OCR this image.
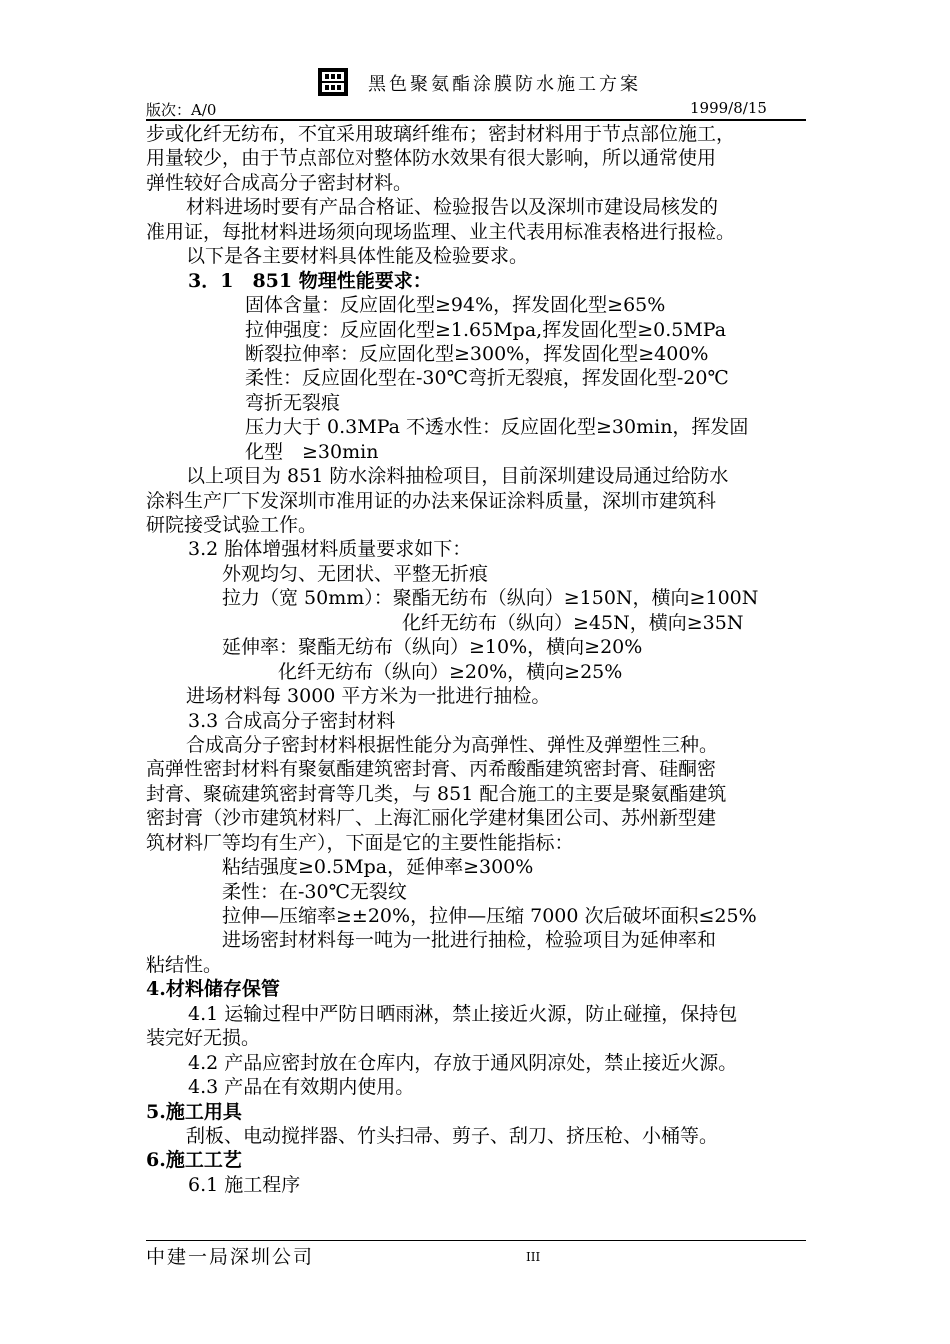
黑色聚氨酯涂膜防水施工方案
版次：A/0	1999/8/15
步或化纤无纺布，不宜采用玻璃纤维布；密封材料用于节点部位施工，
用量较少，由于节点部位对整体防水效果有很大影响，所以通常使用
弹性较好合成高分子密封材料。
材料进场时要有产品合格证、检验报告以及深圳市建设局核发的
准用证，每批材料进场须向现场监理、业主代表用标准表格进行报检。
以下是各主要材料具体性能及检验要求。
3．1　851 物理性能要求：
固体含量：反应固化型≥94%，挥发固化型≥65%
拉伸强度：反应固化型≥1.65Mpa,挥发固化型≥0.5MPa
断裂拉伸率：反应固化型≥300%，挥发固化型≥400%
柔性：反应固化型在-30℃弯折无裂痕，挥发固化型-20℃
弯折无裂痕
压力大于 0.3MPa 不透水性：反应固化型≥30min，挥发固
化型　≥30min
以上项目为 851 防水涂料抽检项目，目前深圳建设局通过给防水
涂料生产厂下发深圳市准用证的办法来保证涂料质量，深圳市建筑科
研院接受试验工作。
3.2 胎体增强材料质量要求如下：
外观均匀、无团状、平整无折痕
拉力（宽 50mm）：聚酯无纺布（纵向）≥150N，横向≥100N
化纤无纺布（纵向）≥45N，横向≥35N
延伸率：聚酯无纺布（纵向）≥10%，横向≥20%
化纤无纺布（纵向）≥20%，横向≥25%
进场材料每 3000 平方米为一批进行抽检。
3.3 合成高分子密封材料
合成高分子密封材料根据性能分为高弹性、弹性及弹塑性三种。
高弹性密封材料有聚氨酯建筑密封膏、丙希酸酯建筑密封膏、硅酮密
封膏、聚硫建筑密封膏等几类，与 851 配合施工的主要是聚氨酯建筑
密封膏（沙市建筑材料厂、上海汇丽化学建材集团公司、苏州新型建
筑材料厂等均有生产），下面是它的主要性能指标：
粘结强度≥0.5Mpa，延伸率≥300%
柔性：在-30℃无裂纹
拉伸—压缩率≥±20%，拉伸—压缩 7000 次后破坏面积≤25%
进场密封材料每一吨为一批进行抽检，检验项目为延伸率和
粘结性。
4.材料储存保管
4.1 运输过程中严防日晒雨淋，禁止接近火源，防止碰撞，保持包
装完好无损。
4.2 产品应密封放在仓库内，存放于通风阴凉处，禁止接近火源。
4.3 产品在有效期内使用。
5.施工用具
刮板、电动搅拌器、竹头扫帚、剪子、刮刀、挤压枪、小桶等。
6.施工工艺
6.1 施工程序
中建一局深圳公司	III
